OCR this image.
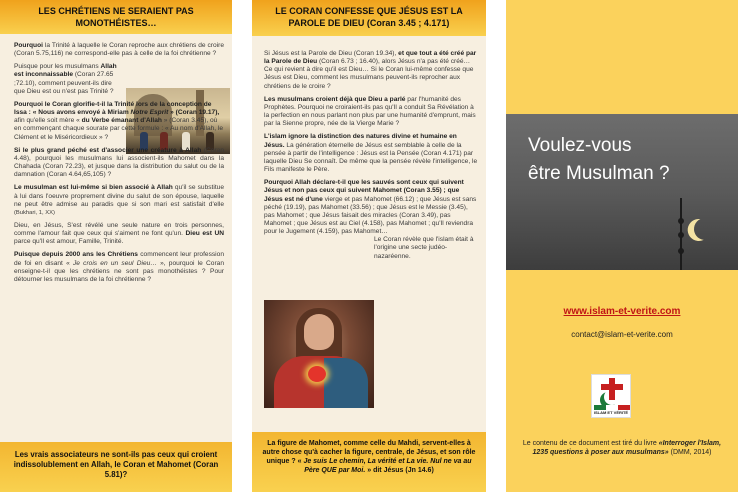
LES CHRÉTIENS NE SERAIENT PAS MONOTHÉISTES…

Pourquoi la Trinité à laquelle le Coran reproche aux chrétiens de croire (Coran 5.75,116) ne correspond-elle pas à celle de la foi chrétienne ?

Puisque pour les musulmans Allah est inconnaissable (Coran 27.65 ;72.10), comment peuvent-ils dire que Dieu est ou n'est pas Trinité ?

Pourquoi le Coran glorifie-t-il la Trinité lors de la conception de Issa : « Nous avons envoyé à Miriam Notre Esprit » (Coran 19.17), afin qu'elle soit mère « du Verbe émanant d'Allah » (Coran 3.45), où en commençant chaque sourate par cette formule : « Au nom d'Allah, le Clément et le Miséricordieux » ?

Si le plus grand péché est d'associer une créature à Allah (Coran 4.48), pourquoi les musulmans lui associent-ils Mahomet dans la Chahada (Coran 72.23), et jusque dans la distribution du salut ou de la damnation (Coran 4.64,65,105) ?

Le musulman est lui-même si bien associé à Allah qu'il se substitue à lui dans l'oeuvre proprement divine du salut de son épouse, laquelle ne peut être admise au paradis que si son mari est satisfait d'elle (Bukhari, 1, XX)

Dieu, en Jésus, S'est révélé une seule nature en trois personnes, comme l'amour fait que ceux qui s'aiment ne font qu'un. Dieu est UN parce qu'Il est amour, Famille, Trinité.

Puisque depuis 2000 ans les Chrétiens commencent leur profession de foi en disant « Je crois en un seul Dieu… », pourquoi le Coran enseigne-t-il que les chrétiens ne sont pas monothéistes ? Pour détourner les musulmans de la foi chrétienne ?

Les vrais associateurs ne sont-ils pas ceux qui croient indissolublement en Allah, le Coran et Mahomet (Coran 5.81)?
LE CORAN CONFESSE QUE JÉSUS EST LA PAROLE DE DIEU (Coran 3.45 ; 4.171)

Si Jésus est la Parole de Dieu (Coran 19.34), et que tout a été créé par la Parole de Dieu (Coran 6.73 ; 16.40), alors Jésus n'a pas été créé… Ce qui revient à dire qu'il est Dieu… Si le Coran lui-même confesse que Jésus est Dieu, comment les musulmans peuvent-ils reprocher aux chrétiens de le croire ?

Les musulmans croient déjà que Dieu a parlé par l'humanité des Prophètes. Pourquoi ne croiraient-ils pas qu'Il a conduit Sa Révélation à la perfection en nous parlant non plus par une humanité d'emprunt, mais par la Sienne propre, née de la Vierge Marie ?

L'islam ignore la distinction des natures divine et humaine en Jésus. La génération éternelle de Jésus est semblable à celle de la pensée à partir de l'intelligence : Jésus est la Pensée (Coran 4.171) par laquelle Dieu Se connaît. De même que la pensée révèle l'intelligence, le Fils manifeste le Père.

Pourquoi Allah déclare-t-il que les sauvés sont ceux qui suivent Jésus et non pas ceux qui suivent Mahomet (Coran 3.55) ; que Jésus est né d'une vierge et pas Mahomet (66.12) ; que Jésus est sans péché (19.19), pas Mahomet (33.56) ; que Jésus est le Messie (3.45), pas Mahomet ; que Jésus faisait des miracles (Coran 3.49), pas Mahomet ; que Jésus est au Ciel (4.158), pas Mahomet ; qu'Il reviendra pour le Jugement (4.159), pas Mahomet…

Le Coran révèle que l'islam était à l'origine une secte judéo-nazaréenne.

La figure de Mahomet, comme celle du Mahdi, servent-elles à autre chose qu'à cacher la figure, centrale, de Jésus, et son rôle unique ? « Je suis Le chemin, La vérité et La vie. Nul ne va au Père QUE par Moi. » dit Jésus (Jn 14.6)
Voulez-vous
être Musulman ?
www.islam-et-verite.com
contact@islam-et-verite.com
ISLAM ET VÉRITÉ
Le contenu de ce document est tiré du livre «Interroger l'Islam, 1235 questions à poser aux musulmans» (DMM, 2014)
